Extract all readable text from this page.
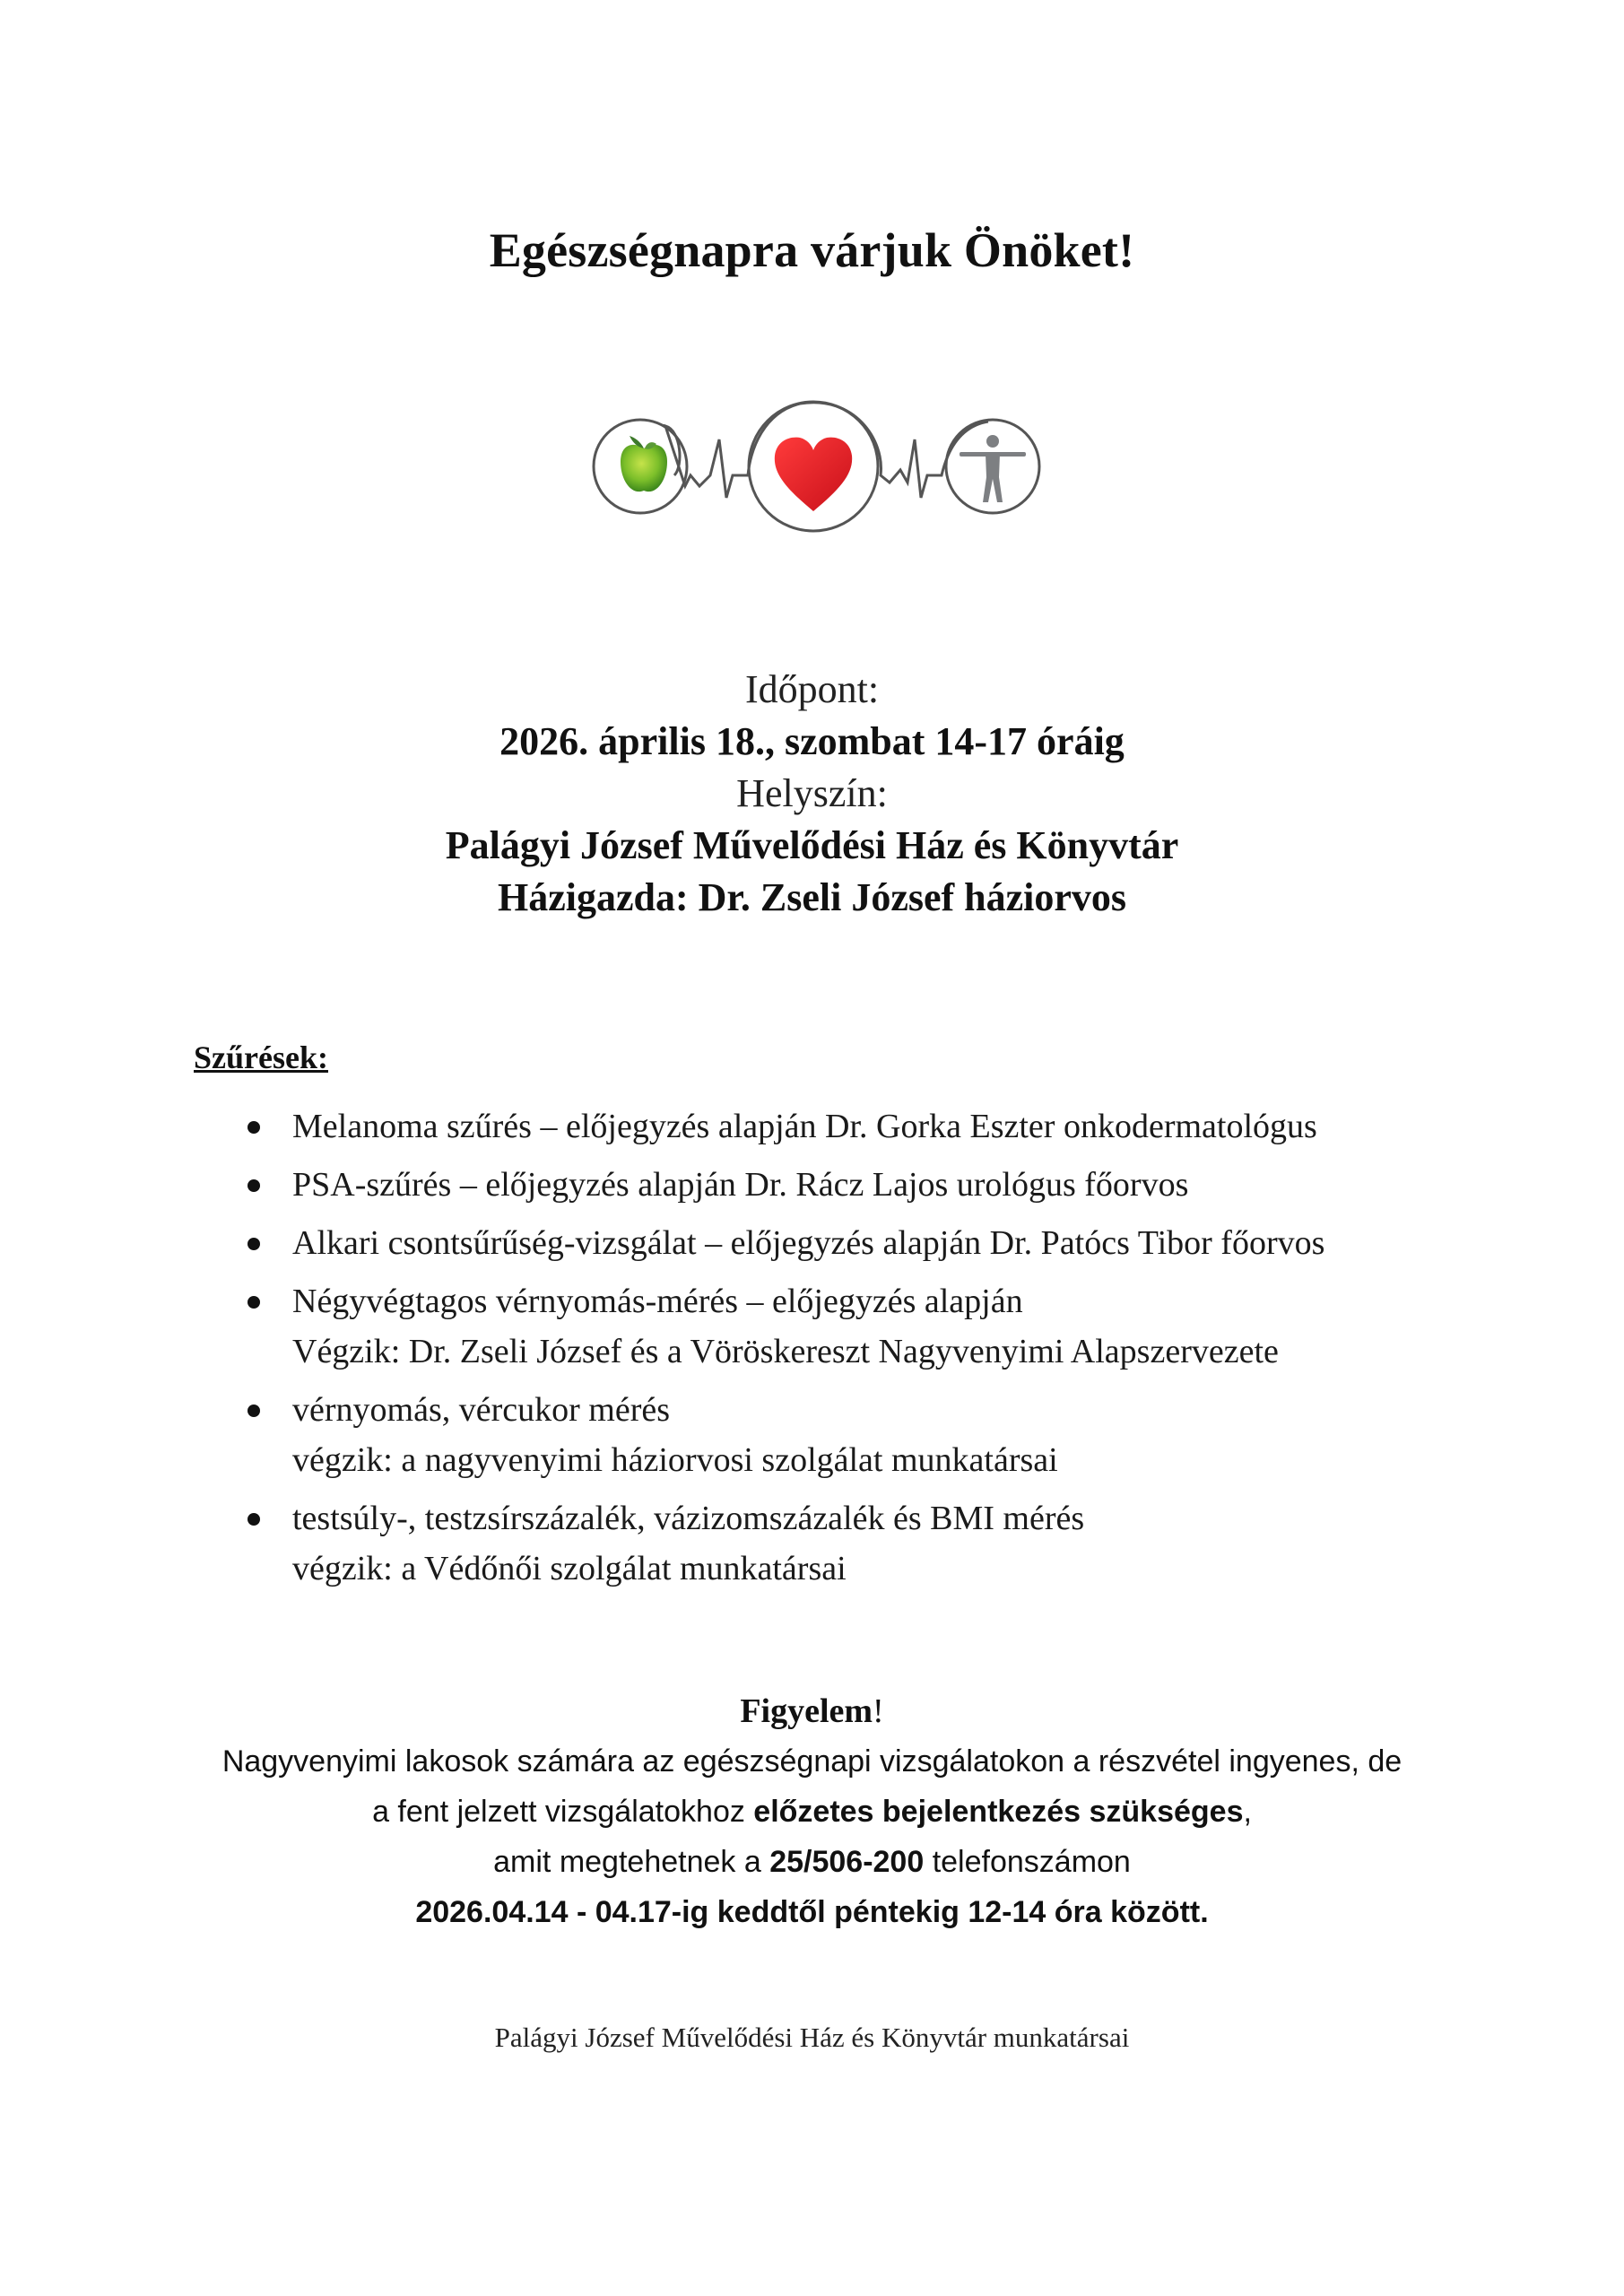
Egészségnapra várjuk Önöket!
Időpont:
2026. április 18., szombat 14-17 óráig
Helyszín:
Palágyi József Művelődési Ház és Könyvtár
Házigazda: Dr. Zseli József háziorvos
Szűrések:
Melanoma szűrés – előjegyzés alapján Dr. Gorka Eszter onkodermatológus
PSA-szűrés – előjegyzés alapján Dr. Rácz Lajos urológus főorvos
Alkari csontsűrűség-vizsgálat – előjegyzés alapján Dr. Patócs Tibor főorvos
Négyvégtagos vérnyomás-mérés – előjegyzés alapján
Végzik: Dr. Zseli József és a Vöröskereszt Nagyvenyimi Alapszervezete
vérnyomás, vércukor mérés
végzik: a nagyvenyimi háziorvosi szolgálat munkatársai
testsúly-, testzsírszázalék, vázizomszázalék és BMI mérés
végzik: a Védőnői szolgálat munkatársai
Figyelem!
Nagyvenyimi lakosok számára az egészségnapi vizsgálatokon a részvétel ingyenes, de
a fent jelzett vizsgálatokhoz előzetes bejelentkezés szükséges,
amit megtehetnek a 25/506-200 telefonszámon
2026.04.14 - 04.17-ig keddtől péntekig 12-14 óra között.
Palágyi József Művelődési Ház és Könyvtár munkatársai
